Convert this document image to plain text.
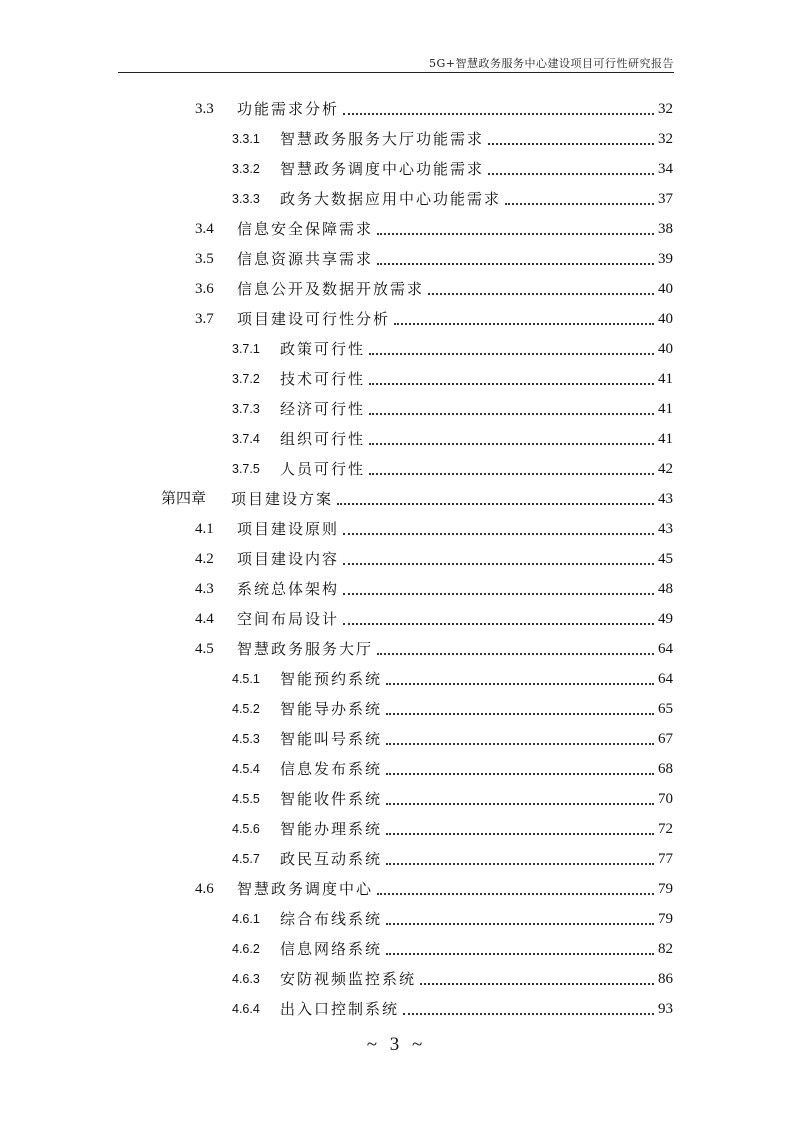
5G+智慧政务服务中心建设项目可行性研究报告
3.3	功能需求分析	32
3.3.1	智慧政务服务大厅功能需求	32
3.3.2	智慧政务调度中心功能需求	34
3.3.3	政务大数据应用中心功能需求	37
3.4	信息安全保障需求	38
3.5	信息资源共享需求	39
3.6	信息公开及数据开放需求	40
3.7	项目建设可行性分析	40
3.7.1	政策可行性	40
3.7.2	技术可行性	41
3.7.3	经济可行性	41
3.7.4	组织可行性	41
3.7.5	人员可行性	42
第四章	项目建设方案	43
4.1	项目建设原则	43
4.2	项目建设内容	45
4.3	系统总体架构	48
4.4	空间布局设计	49
4.5	智慧政务服务大厅	64
4.5.1	智能预约系统	64
4.5.2	智能导办系统	65
4.5.3	智能叫号系统	67
4.5.4	信息发布系统	68
4.5.5	智能收件系统	70
4.5.6	智能办理系统	72
4.5.7	政民互动系统	77
4.6	智慧政务调度中心	79
4.6.1	综合布线系统	79
4.6.2	信息网络系统	82
4.6.3	安防视频监控系统	86
4.6.4	出入口控制系统	93
~ 3 ~
